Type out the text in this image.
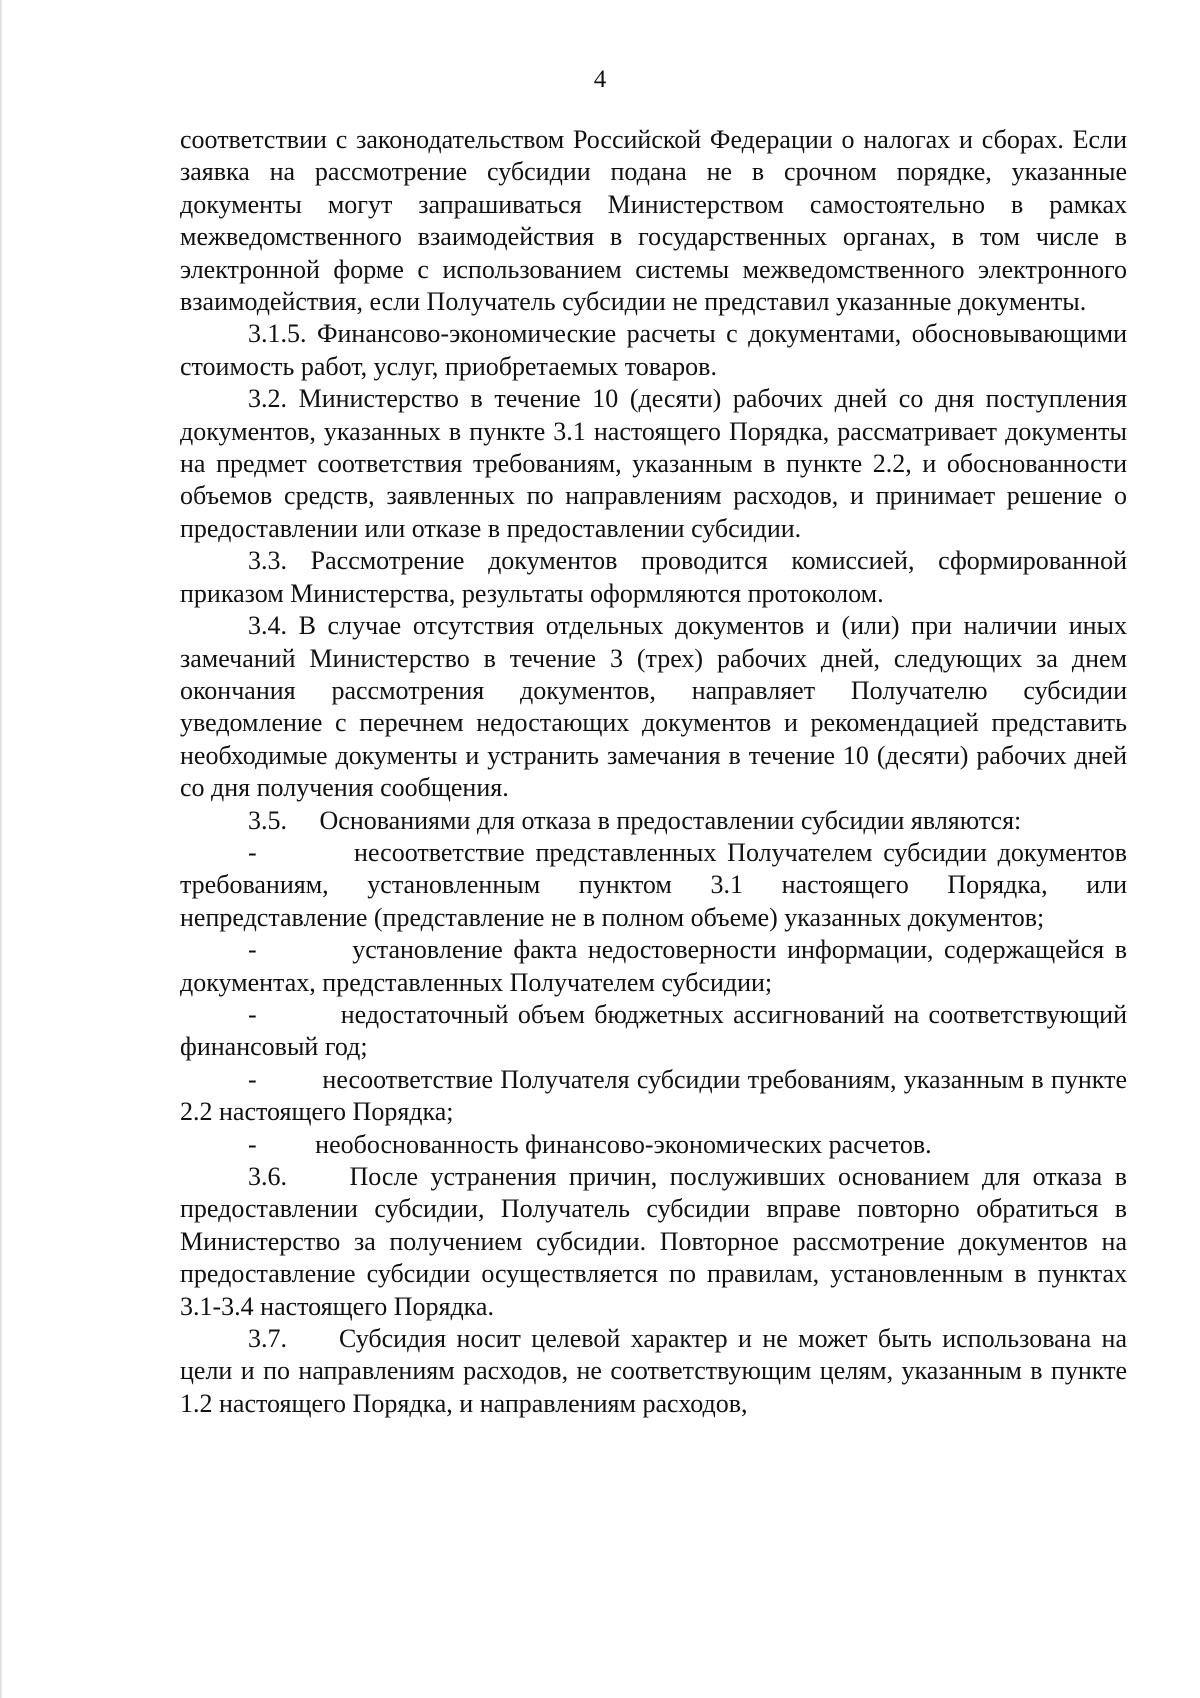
4

соответствии с законодательством Российской Федерации о налогах и сборах. Если заявка на рассмотрение субсидии подана не в срочном порядке, указанные документы могут запрашиваться Министерством самостоятельно в рамках межведомственного взаимодействия в государственных органах, в том числе в электронной форме с использованием системы межведомственного электронного взаимодействия, если Получатель субсидии не представил указанные документы.

3.1.5. Финансово-экономические расчеты с документами, обосновывающими стоимость работ, услуг, приобретаемых товаров.

3.2. Министерство в течение 10 (десяти) рабочих дней со дня поступления документов, указанных в пункте 3.1 настоящего Порядка, рассматривает документы на предмет соответствия требованиям, указанным в пункте 2.2, и обоснованности объемов средств, заявленных по направлениям расходов, и принимает решение о предоставлении или отказе в предоставлении субсидии.

3.3. Рассмотрение документов проводится комиссией, сформированной приказом Министерства, результаты оформляются протоколом.

3.4. В случае отсутствия отдельных документов и (или) при наличии иных замечаний Министерство в течение 3 (трех) рабочих дней, следующих за днем окончания рассмотрения документов, направляет Получателю субсидии уведомление с перечнем недостающих документов и рекомендацией представить необходимые документы и устранить замечания в течение 10 (десяти) рабочих дней со дня получения сообщения.

3.5.     Основаниями для отказа в предоставлении субсидии являются:

-         несоответствие представленных Получателем субсидии документов требованиям, установленным пунктом 3.1 настоящего Порядка, или непредставление (представление не в полном объеме) указанных документов;

-         установление факта недостоверности информации, содержащейся в документах, представленных Получателем субсидии;

-         недостаточный объем бюджетных ассигнований на соответствующий финансовый год;

-         несоответствие Получателя субсидии требованиям, указанным в пункте 2.2 настоящего Порядка;

-         необоснованность финансово-экономических расчетов.

3.6.     После устранения причин, послуживших основанием для отказа в предоставлении субсидии, Получатель субсидии вправе повторно обратиться в Министерство за получением субсидии. Повторное рассмотрение документов на предоставление субсидии осуществляется по правилам, установленным в пунктах 3.1-3.4 настоящего Порядка.

3.7.     Субсидия носит целевой характер и не может быть использована на цели и по направлениям расходов, не соответствующим целям, указанным в пункте 1.2 настоящего Порядка, и направлениям расходов,
